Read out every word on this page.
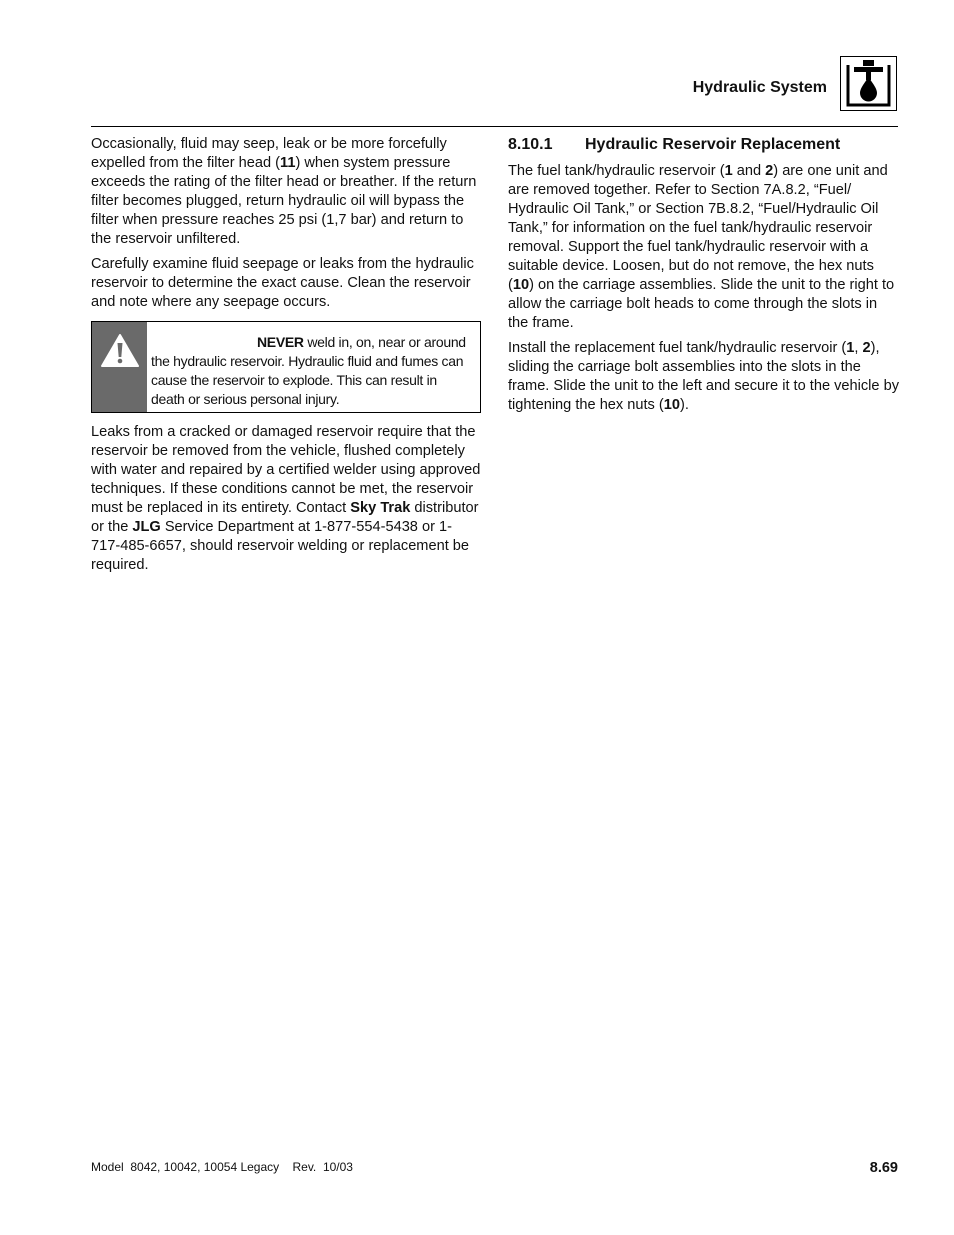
Hydraulic System

Occasionally, fluid may seep, leak or be more forcefully expelled from the filter head (11) when system pressure exceeds the rating of the filter head or breather. If the return filter becomes plugged, return hydraulic oil will bypass the filter when pressure reaches 25 psi (1,7 bar) and return to the reservoir unfiltered.

Carefully examine fluid seepage or leaks from the hydraulic reservoir to determine the exact cause. Clean the reservoir and note where any seepage occurs.

NEVER weld in, on, near or around the hydraulic reservoir. Hydraulic fluid and fumes can cause the reservoir to explode. This can result in death or serious personal injury.

Leaks from a cracked or damaged reservoir require that the reservoir be removed from the vehicle, flushed completely with water and repaired by a certified welder using approved techniques. If these conditions cannot be met, the reservoir must be replaced in its entirety. Contact Sky Trak distributor or the JLG Service Department at 1-877-554-5438 or 1-717-485-6657, should reservoir welding or replacement be required.

8.10.1	Hydraulic Reservoir Replacement

The fuel tank/hydraulic reservoir (1 and 2) are one unit and are removed together. Refer to Section 7A.8.2, “Fuel/ Hydraulic Oil Tank,” or Section 7B.8.2, “Fuel/Hydraulic Oil Tank,” for information on the fuel tank/hydraulic reservoir removal. Support the fuel tank/hydraulic reservoir with a suitable device. Loosen, but do not remove, the hex nuts (10) on the carriage assemblies. Slide the unit to the right to allow the carriage bolt heads to come through the slots in the frame.

Install the replacement fuel tank/hydraulic reservoir (1, 2), sliding the carriage bolt assemblies into the slots in the frame. Slide the unit to the left and secure it to the vehicle by tightening the hex nuts (10).

Model  8042, 10042, 10054 Legacy    Rev.  10/03	8.69
